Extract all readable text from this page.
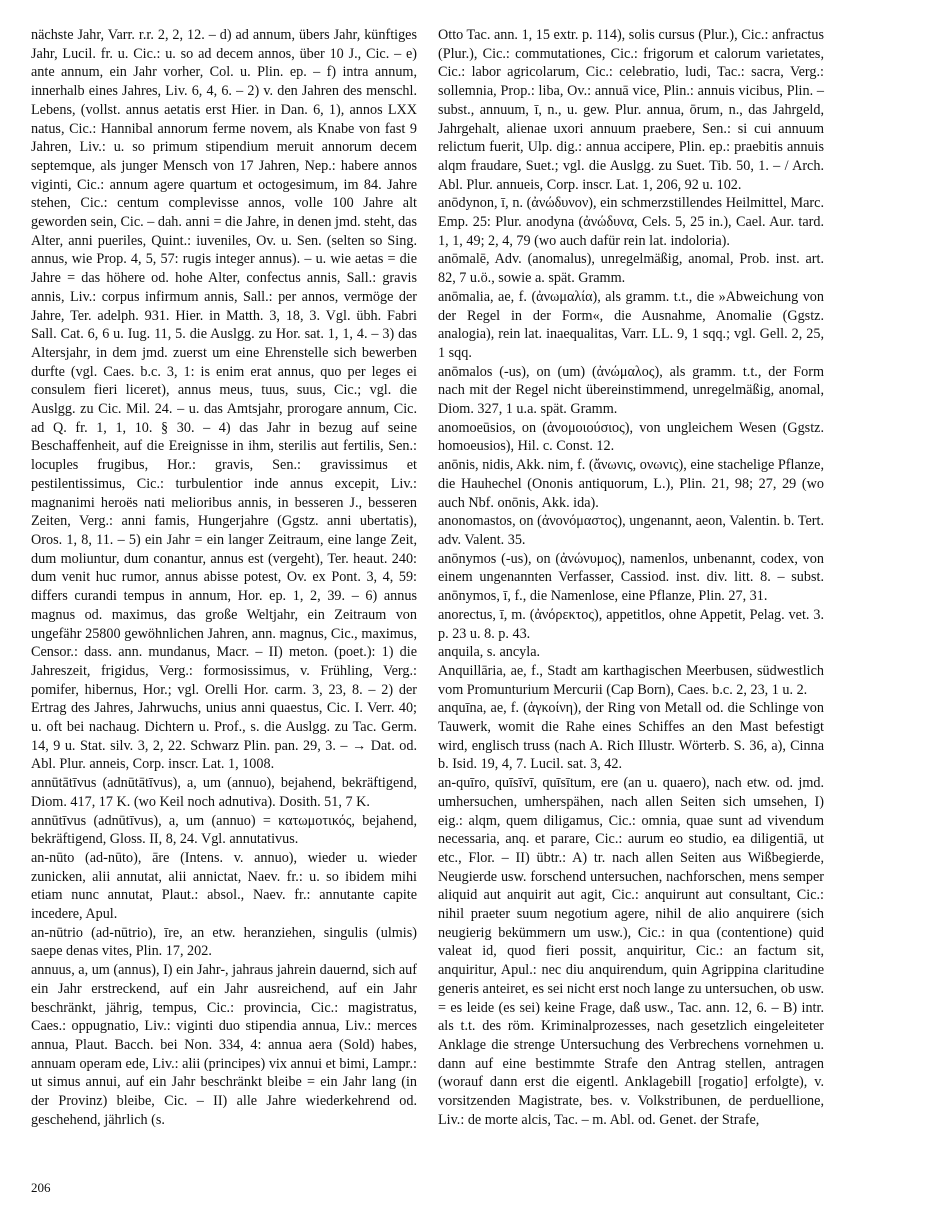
nächste Jahr, Varr. r.r. 2, 2, 12. – d) ad annum, übers Jahr, künftiges Jahr, Lucil. fr. u. Cic.: u. so ad decem annos, über 10 J., Cic. – e) ante annum, ein Jahr vorher, Col. u. Plin. ep. – f) intra annum, innerhalb eines Jahres, Liv. 6, 4, 6. – 2) v. den Jahren des menschl. Lebens, (vollst. annus aetatis erst Hier. in Dan. 6, 1), annos LXX natus, Cic.: Hannibal annorum ferme novem, als Knabe von fast 9 Jahren, Liv.: u. so primum stipendium meruit annorum decem septemque, als junger Mensch von 17 Jahren, Nep.: habere annos viginti, Cic.: annum agere quartum et octogesimum, im 84. Jahre stehen, Cic.: centum complevisse annos, volle 100 Jahre alt geworden sein, Cic. – dah. anni = die Jahre, in denen jmd. steht, das Alter, anni pueriles, Quint.: iuveniles, Ov. u. Sen. (selten so Sing. annus, wie Prop. 4, 5, 57: rugis integer annus). – u. wie aetas = die Jahre = das höhere od. hohe Alter, confectus annis, Sall.: gravis annis, Liv.: corpus infirmum annis, Sall.: per annos, vermöge der Jahre, Ter. adelph. 931. Hier. in Matth. 3, 18, 3. Vgl. übh. Fabri Sall. Cat. 6, 6 u. Iug. 11, 5. die Auslgg. zu Hor. sat. 1, 1, 4. – 3) das Altersjahr, in dem jmd. zuerst um eine Ehrenstelle sich bewerben durfte (vgl. Caes. b.c. 3, 1: is enim erat annus, quo per leges ei consulem fieri liceret), annus meus, tuus, suus, Cic.; vgl. die Auslgg. zu Cic. Mil. 24. – u. das Amtsjahr, prorogare annum, Cic. ad Q. fr. 1, 1, 10. § 30. – 4) das Jahr in bezug auf seine Beschaffenheit, auf die Ereignisse in ihm, sterilis aut fertilis, Sen.: locuples frugibus, Hor.: gravis, Sen.: gravissimus et pestilentissimus, Cic.: turbulentior inde annus excepit, Liv.: magnanimi heroës nati melioribus annis, in besseren J., besseren Zeiten, Verg.: anni famis, Hungerjahre (Ggstz. anni ubertatis), Oros. 1, 8, 11. – 5) ein Jahr = ein langer Zeitraum, eine lange Zeit, dum moliuntur, dum conantur, annus est (vergeht), Ter. heaut. 240: dum venit huc rumor, annus abisse potest, Ov. ex Pont. 3, 4, 59: differs curandi tempus in annum, Hor. ep. 1, 2, 39. – 6) annus magnus od. maximus, das große Weltjahr, ein Zeitraum von ungefähr 25800 gewöhnlichen Jahren, ann. magnus, Cic., maximus, Censor.: dass. ann. mundanus, Macr. – II) meton. (poet.): 1) die Jahreszeit, frigidus, Verg.: formosissimus, v. Frühling, Verg.: pomifer, hibernus, Hor.; vgl. Orelli Hor. carm. 3, 23, 8. – 2) der Ertrag des Jahres, Jahrwuchs, unius anni quaestus, Cic. I. Verr. 40; u. oft bei nachaug. Dichtern u. Prof., s. die Auslgg. zu Tac. Germ. 14, 9 u. Stat. silv. 3, 2, 22. Schwarz Plin. pan. 29, 3. – → Dat. od. Abl. Plur. anneis, Corp. inscr. Lat. 1, 1008.

annūtātīvus (adnūtātīvus), a, um (annuo), bejahend, bekräftigend, Diom. 417, 17 K. (wo Keil noch adnutiva). Dosith. 51, 7 K.

annūtīvus (adnūtīvus), a, um (annuo) = κατωμοτικός, bejahend, bekräftigend, Gloss. II, 8, 24. Vgl. annutativus.

an-nūto (ad-nūto), āre (Intens. v. annuo), wieder u. wieder zunicken, alii annutat, alii annictat, Naev. fr.: u. so ibidem mihi etiam nunc annutat, Plaut.: absol., Naev. fr.: annutante capite incedere, Apul.

an-nūtrio (ad-nūtrio), īre, an etw. heranziehen, singulis (ulmis) saepe denas vites, Plin. 17, 202.

annuus, a, um (annus), I) ein Jahr-, jahraus jahrein dauernd, sich auf ein Jahr erstreckend, auf ein Jahr ausreichend, auf ein Jahr beschränkt, jährig, tempus, Cic.: provincia, Cic.: magistratus, Caes.: oppugnatio, Liv.: viginti duo stipendia annua, Liv.: merces annua, Plaut. Bacch. bei Non. 334, 4: annua aera (Sold) habes, annuam operam ede, Liv.: alii (principes) vix annui et bimi, Lampr.: ut simus annui, auf ein Jahr beschränkt bleibe = ein Jahr lang (in der Provinz) bleibe, Cic. – II) alle Jahre wiederkehrend od. geschehend, jährlich (s.

Otto Tac. ann. 1, 15 extr. p. 114), solis cursus (Plur.), Cic.: anfractus (Plur.), Cic.: commutationes, Cic.: frigorum et calorum varietates, Cic.: labor agricolarum, Cic.: celebratio, ludi, Tac.: sacra, Verg.: sollemnia, Prop.: liba, Ov.: annuā vice, Plin.: annuis vicibus, Plin. – subst., annuum, ī, n., u. gew. Plur. annua, ōrum, n., das Jahrgeld, Jahrgehalt, alienae uxori annuum praebere, Sen.: si cui annuum relictum fuerit, Ulp. dig.: annua accipere, Plin. ep.: praebitis annuis alqm fraudare, Suet.; vgl. die Auslgg. zu Suet. Tib. 50, 1. – / Arch. Abl. Plur. annueis, Corp. inscr. Lat. 1, 206, 92 u. 102.

anōdynon, ī, n. (ἀνώδυνον), ein schmerzstillendes Heilmittel, Marc. Emp. 25: Plur. anodyna (ἀνώδυνα, Cels. 5, 25 in.), Cael. Aur. tard. 1, 1, 49; 2, 4, 79 (wo auch dafür rein lat. indoloria).

anōmalē, Adv. (anomalus), unregelmäßig, anomal, Prob. inst. art. 82, 7 u.ö., sowie a. spät. Gramm.

anōmalia, ae, f. (ἀνωμαλία), als gramm. t.t., die »Abweichung von der Regel in der Form«, die Ausnahme, Anomalie (Ggstz. analogia), rein lat. inaequalitas, Varr. LL. 9, 1 sqq.; vgl. Gell. 2, 25, 1 sqq.

anōmalos (-us), on (um) (ἀνώμαλος), als gramm. t.t., der Form nach mit der Regel nicht übereinstimmend, unregelmäßig, anomal, Diom. 327, 1 u.a. spät. Gramm.

anomoeūsios, on (ἀνομοιούσιος), von ungleichem Wesen (Ggstz. homoeusios), Hil. c. Const. 12.

anōnis, nidis, Akk. nim, f. (ἄνωνις, ονωνις), eine stachelige Pflanze, die Hauhechel (Ononis antiquorum, L.), Plin. 21, 98; 27, 29 (wo auch Nbf. onōnis, Akk. ida).

anonomastos, on (ἀνονόμαστος), ungenannt, aeon, Valentin. b. Tert. adv. Valent. 35.

anōnymos (-us), on (ἀνώνυμος), namenlos, unbenannt, codex, von einem ungenannten Verfasser, Cassiod. inst. div. litt. 8. – subst. anōnymos, ī, f., die Namenlose, eine Pflanze, Plin. 27, 31.

anorectus, ī, m. (ἀνόρεκτος), appetitlos, ohne Appetit, Pelag. vet. 3. p. 23 u. 8. p. 43.

anquila, s. ancyla.

Anquillāria, ae, f., Stadt am karthagischen Meerbusen, südwestlich vom Promunturium Mercurii (Cap Born), Caes. b.c. 2, 23, 1 u. 2.

anquīna, ae, f. (ἀγκοίνη), der Ring von Metall od. die Schlinge von Tauwerk, womit die Rahe eines Schiffes an den Mast befestigt wird, englisch truss (nach A. Rich Illustr. Wörterb. S. 36, a), Cinna b. Isid. 19, 4, 7. Lucil. sat. 3, 42.

an-quīro, quīsīvī, quīsītum, ere (an u. quaero), nach etw. od. jmd. umhersuchen, umherspähen, nach allen Seiten sich umsehen, I) eig.: alqm, quem diligamus, Cic.: omnia, quae sunt ad vivendum necessaria, anq. et parare, Cic.: aurum eo studio, ea diligentiā, ut etc., Flor. – II) übtr.: A) tr. nach allen Seiten aus Wißbegierde, Neugierde usw. forschend untersuchen, nachforschen, mens semper aliquid aut anquirit aut agit, Cic.: anquirunt aut consultant, Cic.: nihil praeter suum negotium agere, nihil de alio anquirere (sich neugierig bekümmern um usw.), Cic.: in qua (contentione) quid valeat id, quod fieri possit, anquiritur, Cic.: an factum sit, anquiritur, Apul.: nec diu anquirendum, quin Agrippina claritudine generis anteiret, es sei nicht erst noch lange zu untersuchen, ob usw. = es leide (es sei) keine Frage, daß usw., Tac. ann. 12, 6. – B) intr. als t.t. des röm. Kriminalprozesses, nach gesetzlich eingeleiteter Anklage die strenge Untersuchung des Verbrechens vornehmen u. dann auf eine bestimmte Strafe den Antrag stellen, antragen (worauf dann erst die eigentl. Anklagebill [rogatio] erfolgte), v. vorsitzenden Magistrate, bes. v. Volkstribunen, de perduellione, Liv.: de morte alcis, Tac. – m. Abl. od. Genet. der Strafe,

206
